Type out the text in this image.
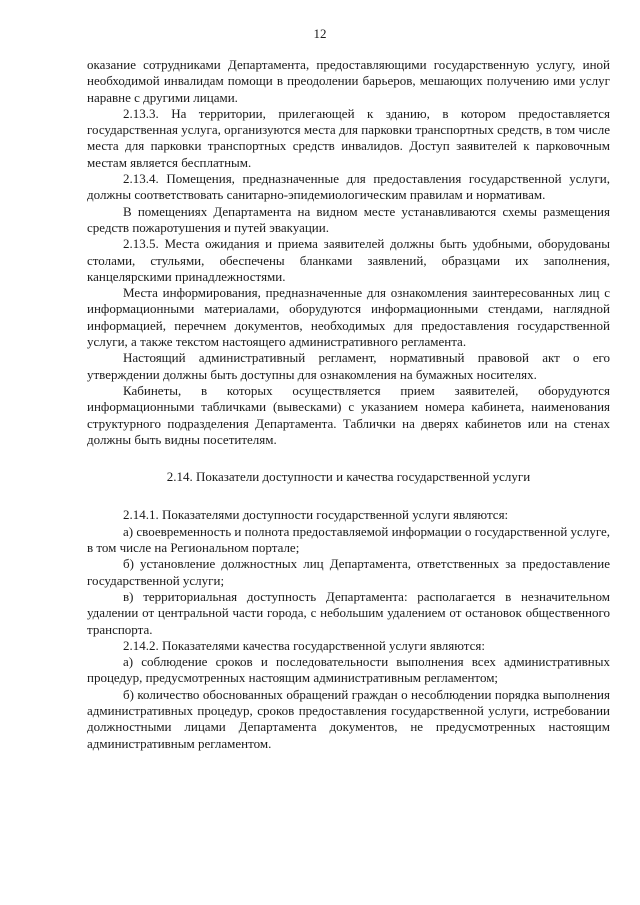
12

оказание сотрудниками Департамента, предоставляющими государственную услугу, иной необходимой инвалидам помощи в преодолении барьеров, мешающих получению ими услуг наравне с другими лицами.

2.13.3. На территории, прилегающей к зданию, в котором предоставляется государственная услуга, организуются места для парковки транспортных средств, в том числе места для парковки транспортных средств инвалидов. Доступ заявителей к парковочным местам является бесплатным.

2.13.4. Помещения, предназначенные для предоставления государственной услуги, должны соответствовать санитарно-эпидемиологическим правилам и нормативам.

В помещениях Департамента на видном месте устанавливаются схемы размещения средств пожаротушения и путей эвакуации.

2.13.5. Места ожидания и приема заявителей должны быть удобными, оборудованы столами, стульями, обеспечены бланками заявлений, образцами их заполнения, канцелярскими принадлежностями.

Места информирования, предназначенные для ознакомления заинтересованных лиц с информационными материалами, оборудуются информационными стендами, наглядной информацией, перечнем документов, необходимых для предоставления государственной услуги, а также текстом настоящего административного регламента.

Настоящий административный регламент, нормативный правовой акт о его утверждении должны быть доступны для ознакомления на бумажных носителях.

Кабинеты, в которых осуществляется прием заявителей, оборудуются информационными табличками (вывесками) с указанием номера кабинета, наименования структурного подразделения Департамента. Таблички на дверях кабинетов или на стенах должны быть видны посетителям.

2.14. Показатели доступности и качества государственной услуги

2.14.1. Показателями доступности государственной услуги являются:

а) своевременность и полнота предоставляемой информации о государственной услуге, в том числе на Региональном портале;

б) установление должностных лиц Департамента, ответственных за предоставление государственной услуги;

в) территориальная доступность Департамента: располагается в незначительном удалении от центральной части города, с небольшим удалением от остановок общественного транспорта.

2.14.2. Показателями качества государственной услуги являются:

а) соблюдение сроков и последовательности выполнения всех административных процедур, предусмотренных настоящим административным регламентом;

б) количество обоснованных обращений граждан о несоблюдении порядка выполнения административных процедур, сроков предоставления государственной услуги, истребовании должностными лицами Департамента документов, не предусмотренных настоящим административным регламентом.
